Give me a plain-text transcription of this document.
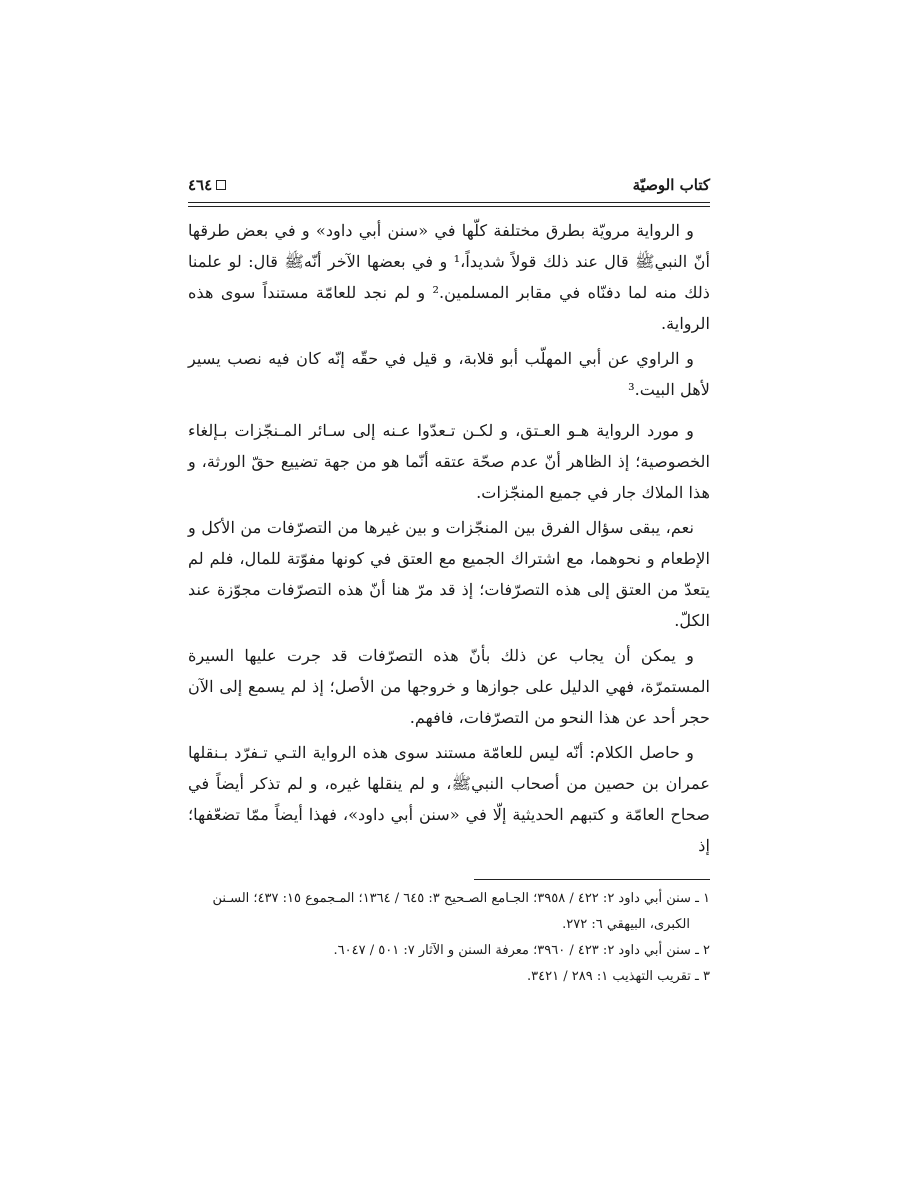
كتاب الوصيّة
٤٦٤

و الرواية مرويّة بطرق مختلفة كلّها في «سنن أبي داود» و في بعض طرقها أنّ النبيﷺ قال عند ذلك قولاً شديداً،¹ و في بعضها الآخر أنّهﷺ قال: لو علمنا ذلك منه لما دفنّاه في مقابر المسلمين.² و لم نجد للعامّة مستنداً سوى هذه الرواية.

و الراوي عن أبي المهلّب أبو قلابة، و قيل في حقّه إنّه كان فيه نصب يسير لأهل البيت.³

و مورد الرواية هـو العـتق، و لكـن تـعدّوا عـنه إلى سـائر المـنجّزات بـإلغاء الخصوصية؛ إذ الظاهر أنّ عدم صحّة عتقه أنّما هو من جهة تضييع حقّ الورثة، و هذا الملاك جار في جميع المنجّزات.

نعم، يبقى سؤال الفرق بين المنجّزات و بين غيرها من التصرّفات من الأكل و الإطعام و نحوهما، مع اشتراك الجميع مع العتق في كونها مفوّتة للمال، فلم لم يتعدّ من العتق إلى هذه التصرّفات؛ إذ قد مرّ هنا أنّ هذه التصرّفات مجوّزة عند الكلّ.

و يمكن أن يجاب عن ذلك بأنّ هذه التصرّفات قد جرت عليها السيرة المستمرّة، فهي الدليل على جوازها و خروجها من الأصل؛ إذ لم يسمع إلى الآن حجر أحد عن هذا النحو من التصرّفات، فافهم.

و حاصل الكلام: أنّه ليس للعامّة مستند سوى هذه الرواية التـي تـفرّد بـنقلها عمران بن حصين من أصحاب النبيﷺ، و لم ينقلها غيره، و لم تذكر أيضاً في صحاح العامّة و كتبهم الحديثية إلّا في «سنن أبي داود»، فهذا أيضاً ممّا تضعّفها؛ إذ

١ ـ سنن أبي داود ٢: ٤٢٢ / ٣٩٥٨؛ الجـامع الصـحيح ٣: ٦٤٥ / ١٣٦٤؛ المـجموع ١٥: ٤٣٧؛ السـنن
الكبرى، البيهقي ٦: ٢٧٢.
٢ ـ سنن أبي داود ٢: ٤٢٣ / ٣٩٦٠؛ معرفة السنن و الآثار ٧: ٥٠١ / ٦٠٤٧.
٣ ـ تقريب التهذيب ١: ٢٨٩ / ٣٤٢١.
